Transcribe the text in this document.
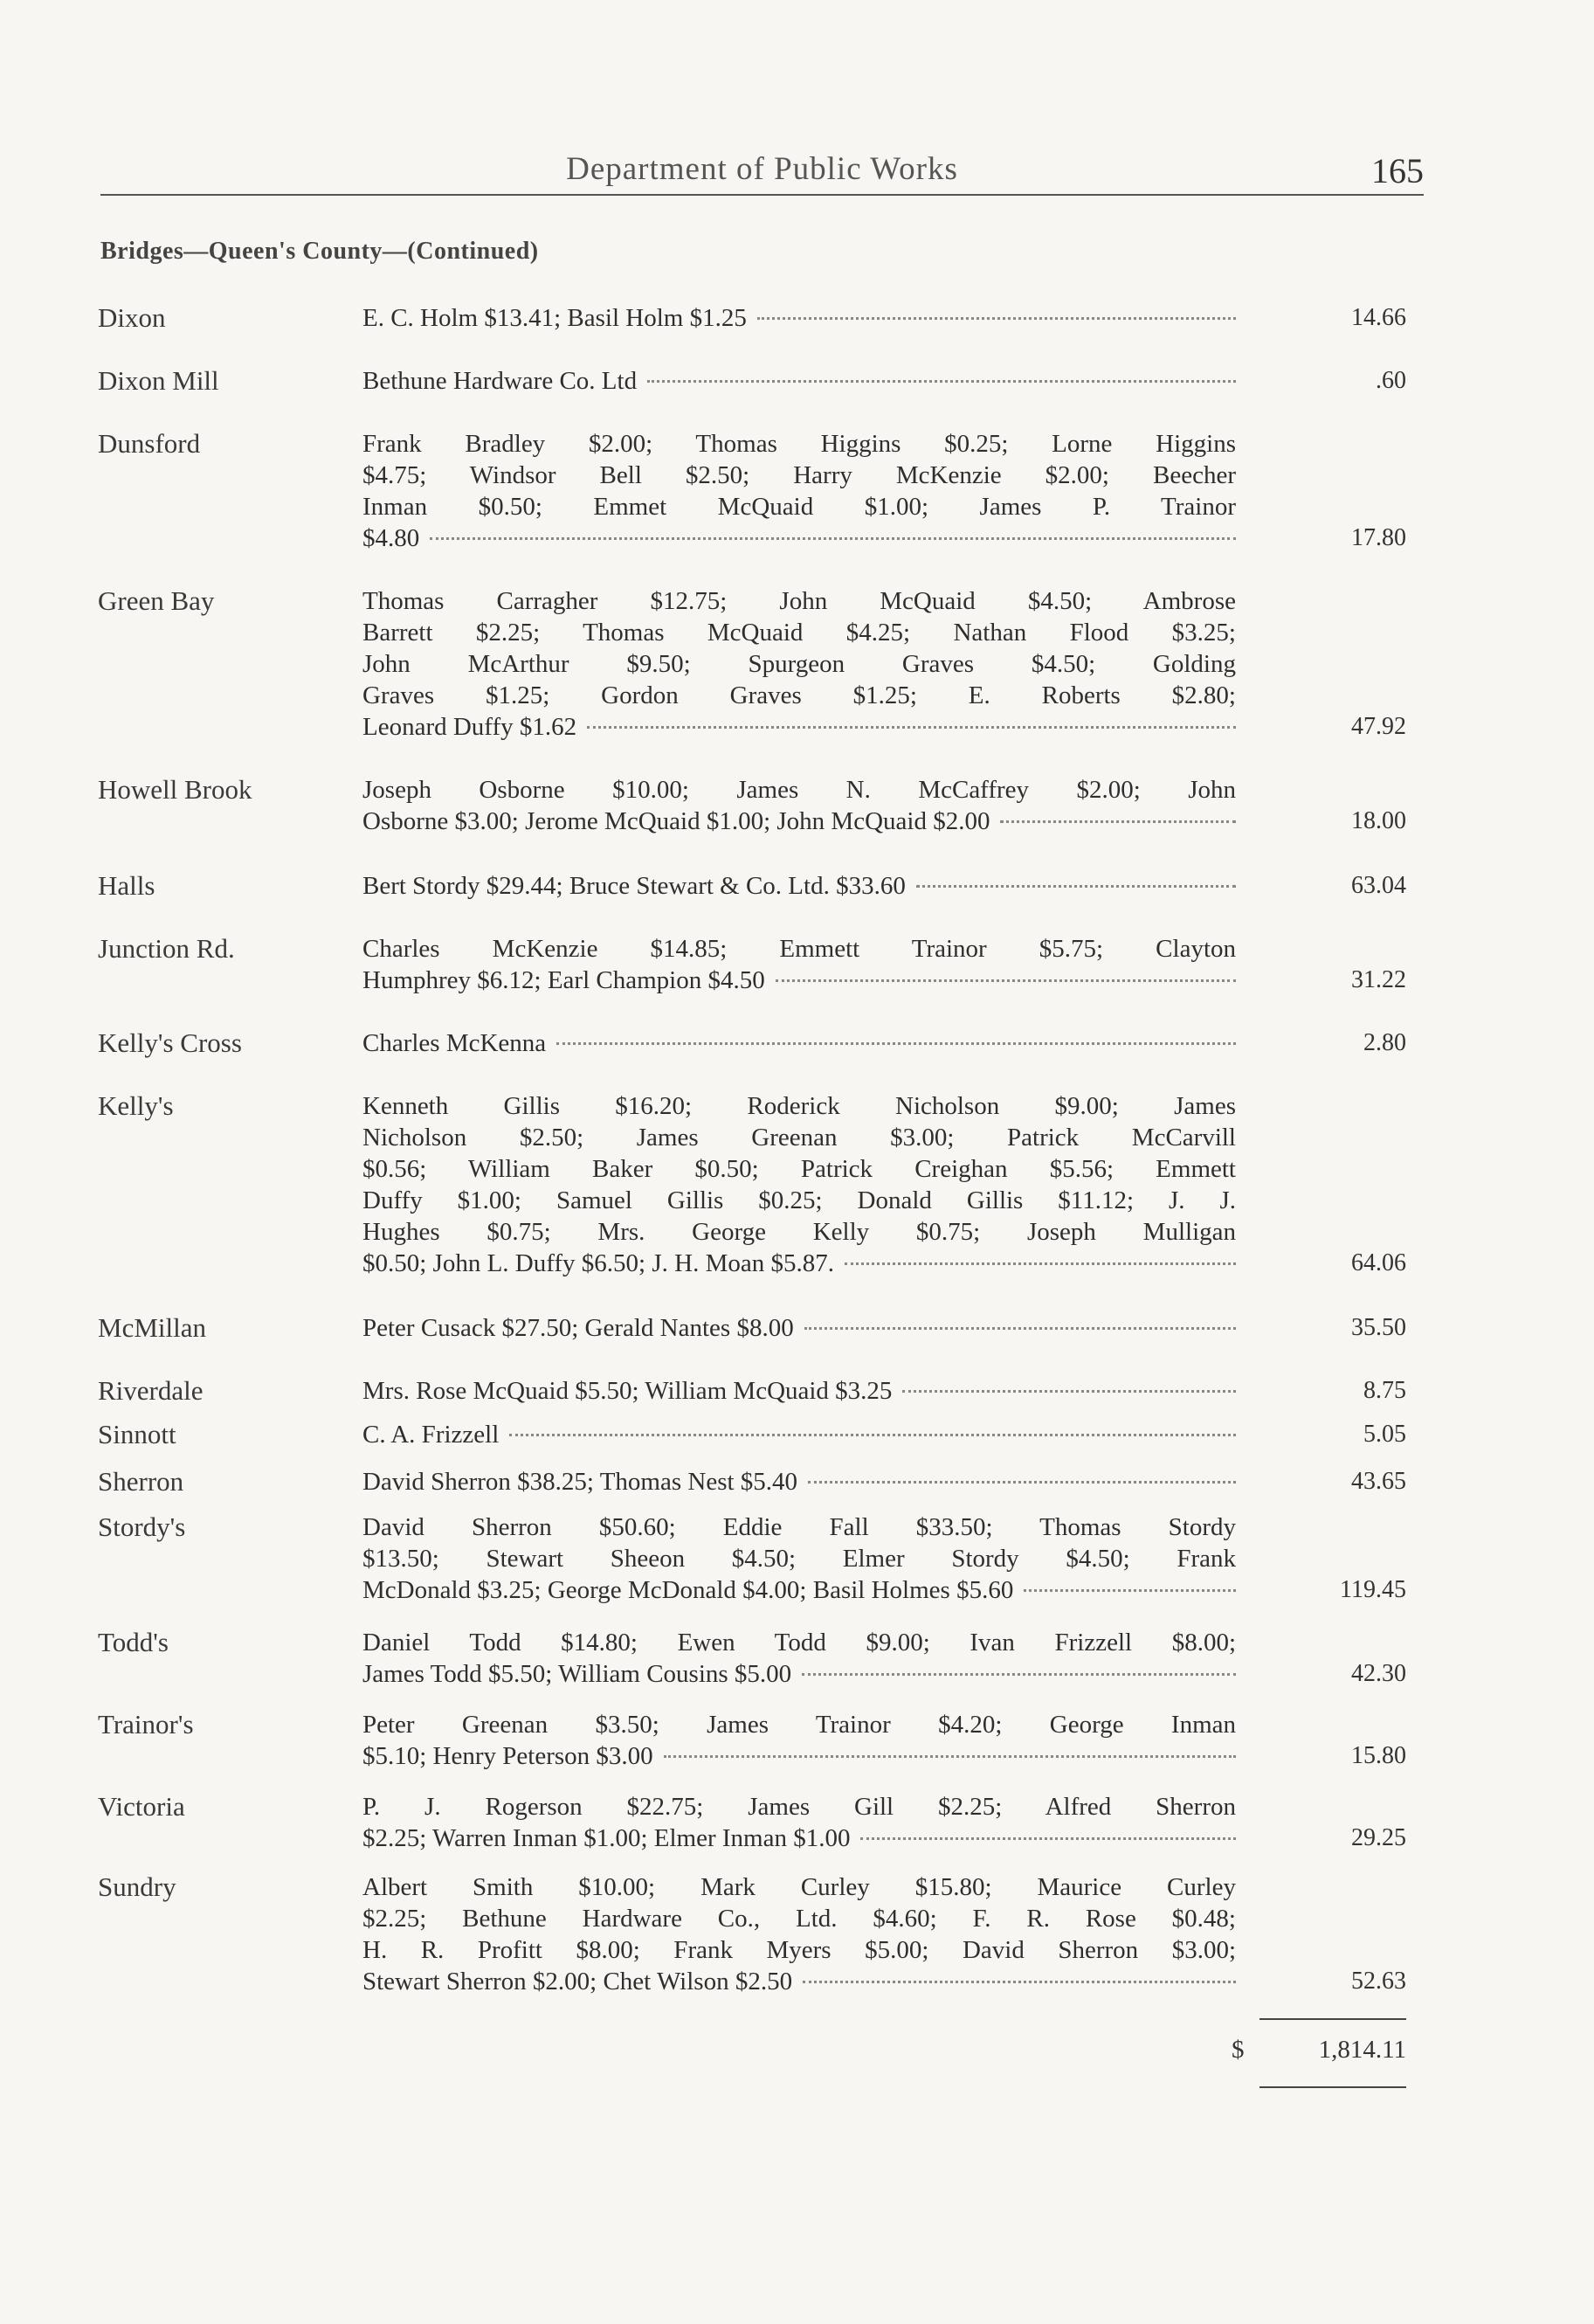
Department of Public Works	165
Bridges—Queen's County—(Continued)
Dixon	E. C. Holm $13.41; Basil Holm $1.25	14.66
Dixon Mill	Bethune Hardware Co. Ltd	.60
Dunsford	Frank Bradley $2.00; Thomas Higgins $0.25; Lorne Higgins
$4.75; Windsor Bell $2.50; Harry McKenzie $2.00; Beecher
Inman $0.50; Emmet McQuaid $1.00; James P. Trainor
$4.80	17.80
Green Bay	Thomas Carragher $12.75; John McQuaid $4.50; Ambrose
Barrett $2.25; Thomas McQuaid $4.25; Nathan Flood $3.25;
John McArthur $9.50; Spurgeon Graves $4.50; Golding
Graves $1.25; Gordon Graves $1.25; E. Roberts $2.80;
Leonard Duffy $1.62	47.92
Howell Brook	Joseph Osborne $10.00; James N. McCaffrey $2.00; John
Osborne $3.00; Jerome McQuaid $1.00; John McQuaid $2.00	18.00
Halls	Bert Stordy $29.44; Bruce Stewart & Co. Ltd. $33.60	63.04
Junction Rd.	Charles McKenzie $14.85; Emmett Trainor $5.75; Clayton
Humphrey $6.12; Earl Champion $4.50	31.22
Kelly's Cross	Charles McKenna	2.80
Kelly's	Kenneth Gillis $16.20; Roderick Nicholson $9.00; James
Nicholson $2.50; James Greenan $3.00; Patrick McCarvill
$0.56; William Baker $0.50; Patrick Creighan $5.56; Emmett
Duffy $1.00; Samuel Gillis $0.25; Donald Gillis $11.12; J. J.
Hughes $0.75; Mrs. George Kelly $0.75; Joseph Mulligan
$0.50; John L. Duffy $6.50; J. H. Moan $5.87.	64.06
McMillan	Peter Cusack $27.50; Gerald Nantes $8.00	35.50
Riverdale	Mrs. Rose McQuaid $5.50; William McQuaid $3.25	8.75
Sinnott	C. A. Frizzell	5.05
Sherron	David Sherron $38.25; Thomas Nest $5.40	43.65
Stordy's	David Sherron $50.60; Eddie Fall $33.50; Thomas Stordy
$13.50; Stewart Sheeon $4.50; Elmer Stordy $4.50; Frank
McDonald $3.25; George McDonald $4.00; Basil Holmes $5.60	119.45
Todd's	Daniel Todd $14.80; Ewen Todd $9.00; Ivan Frizzell $8.00;
James Todd $5.50; William Cousins $5.00	42.30
Trainor's	Peter Greenan $3.50; James Trainor $4.20; George Inman
$5.10; Henry Peterson $3.00	15.80
Victoria	P. J. Rogerson $22.75; James Gill $2.25; Alfred Sherron
$2.25; Warren Inman $1.00; Elmer Inman $1.00	29.25
Sundry	Albert Smith $10.00; Mark Curley $15.80; Maurice Curley
$2.25; Bethune Hardware Co., Ltd. $4.60; F. R. Rose $0.48;
H. R. Profitt $8.00; Frank Myers $5.00; David Sherron $3.00;
Stewart Sherron $2.00; Chet Wilson $2.50	52.63
$	1,814.11
